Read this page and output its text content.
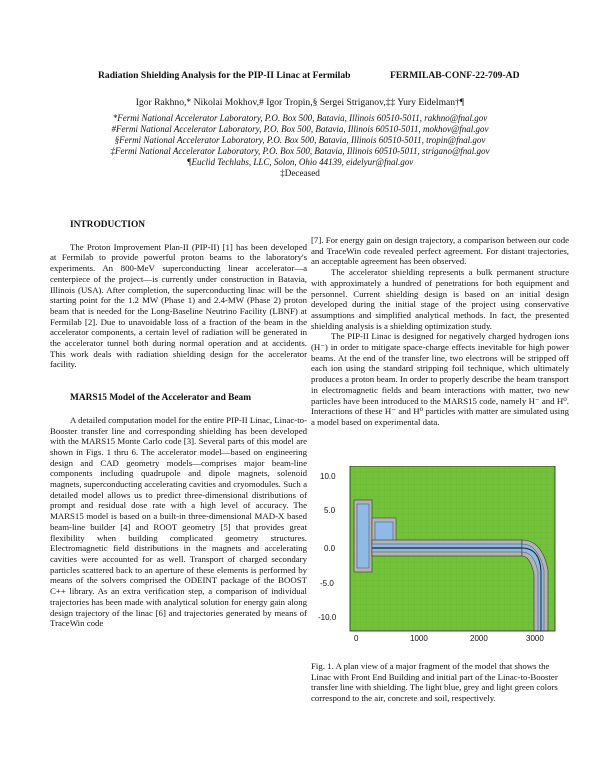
Radiation Shielding Analysis for the PIP-II Linac at Fermilab	FERMILAB-CONF-22-709-AD
Igor Rakhno,* Nikolai Mokhov,# Igor Tropin,§ Sergei Striganov,‡‡ Yury Eidelman†¶
*Fermi National Accelerator Laboratory, P.O. Box 500, Batavia, Illinois 60510-5011, rakhno@fnal.gov
#Fermi National Accelerator Laboratory, P.O. Box 500, Batavia, Illinois 60510-5011, mokhov@fnal.gov
§Fermi National Accelerator Laboratory, P.O. Box 500, Batavia, Illinois 60510-5011, tropin@fnal.gov
‡Fermi National Accelerator Laboratory, P.O. Box 500, Batavia, Illinois 60510-5011, strigano@fnal.gov
¶Euclid Techlabs, LLC, Solon, Ohio 44139, eidelyur@fnal.gov
‡Deceased

INTRODUCTION

The Proton Improvement Plan-II (PIP-II) [1] has been developed at Fermilab to provide powerful proton beams to the laboratory's experiments. An 800-MeV superconducting linear accelerator—a centerpiece of the project—is currently under construction in Batavia, Illinois (USA). After completion, the superconducting linac will be the starting point for the 1.2 MW (Phase 1) and 2.4-MW (Phase 2) proton beam that is needed for the Long-Baseline Neutrino Facility (LBNF) at Fermilab [2]. Due to unavoidable loss of a fraction of the beam in the accelerator components, a certain level of radiation will be generated in the accelerator tunnel both during normal operation and at accidents. This work deals with radiation shielding design for the accelerator facility.

MARS15 Model of the Accelerator and Beam

A detailed computation model for the entire PIP-II Linac, Linac-to-Booster transfer line and corresponding shielding has been developed with the MARS15 Monte Carlo code [3]. Several parts of this model are shown in Figs. 1 thru 6. The accelerator model—based on engineering design and CAD geometry models—comprises major beam-line components including quadrupole and dipole magnets, solenoid magnets, superconducting accelerating cavities and cryomodules. Such a detailed model allows us to predict three-dimensional distributions of prompt and residual dose rate with a high level of accuracy. The MARS15 model is based on a built-in three-dimensional MAD-X based beam-line builder [4] and ROOT geometry [5] that provides great flexibility when building complicated geometry structures. Electromagnetic field distributions in the magnets and accelerating cavities were accounted for as well. Transport of charged secondary particles scattered back to an aperture of these elements is performed by means of the solvers comprised the ODEINT package of the BOOST C++ library. As an extra verification step, a comparison of individual trajectories has been made with analytical solution for energy gain along design trajectory of the linac [6] and trajectories generated by means of TraceWin code

[7]. For energy gain on design trajectory, a comparison between our code and TraceWin code revealed perfect agreement. For distant trajectories, an acceptable agreement has been observed.

The accelerator shielding represents a bulk permanent structure with approximately a hundred of penetrations for both equipment and personnel. Current shielding design is based on an initial design developed during the initial stage of the project using conservative assumptions and simplified analytical methods. In fact, the presented shielding analysis is a shielding optimization study.

The PIP-II Linac is designed for negatively charged hydrogen ions (H⁻) in order to mitigate space-charge effects inevitable for high power beams. At the end of the transfer line, two electrons will be stripped off each ion using the standard stripping foil technique, which ultimately produces a proton beam. In order to properly describe the beam transport in electromagnetic fields and beam interactions with matter, two new particles have been introduced to the MARS15 code, namely H⁻ and H⁰. Interactions of these H⁻ and H⁰ particles with matter are simulated using a model based on experimental data.

10.0
5.0
0.0
-5.0
-10.0
0	1000	2000	3000
Fig. 1. A plan view of a major fragment of the model that shows the Linac with Front End Building and initial part of the Linac-to-Booster transfer line with shielding. The light blue, grey and light green colors correspond to the air, concrete and soil, respectively.
